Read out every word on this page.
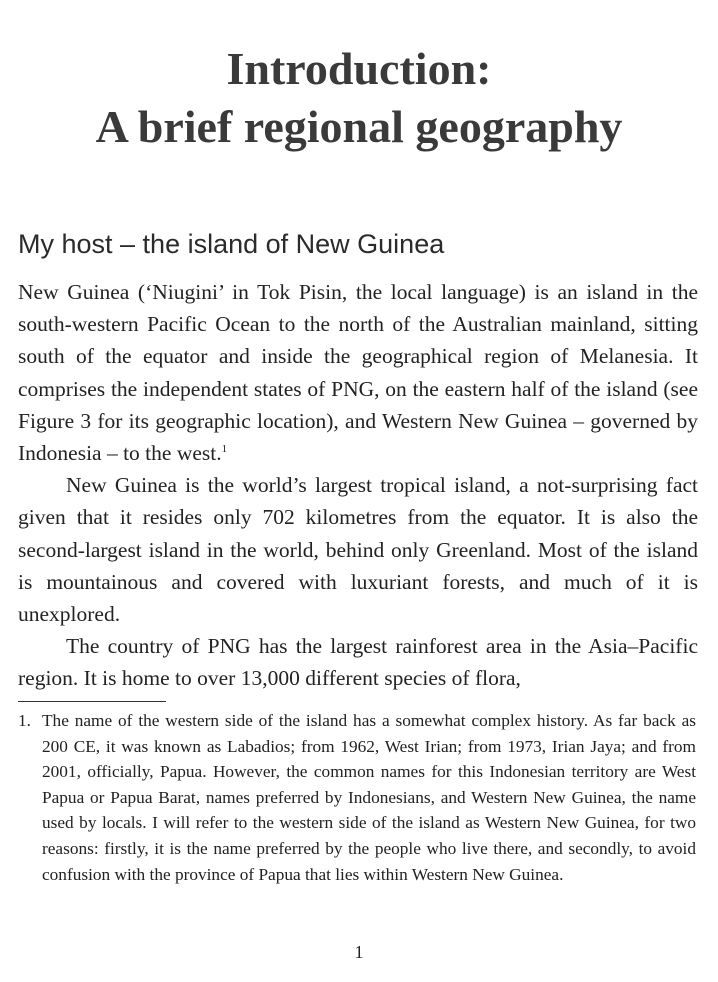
Introduction:
A brief regional geography
My host – the island of New Guinea

New Guinea (‘Niugini’ in Tok Pisin, the local language) is an island in the south-western Pacific Ocean to the north of the Australian mainland, sitting south of the equator and inside the geographical region of Melanesia. It comprises the independent states of PNG, on the eastern half of the island (see Figure 3 for its geographic location), and Western New Guinea – governed by Indonesia – to the west.$^1$

New Guinea is the world’s largest tropical island, a not-surprising fact given that it resides only 702 kilometres from the equator. It is also the second-largest island in the world, behind only Greenland. Most of the island is mountainous and covered with luxuriant forests, and much of it is unexplored.

The country of PNG has the largest rainforest area in the Asia–Pacific region. It is home to over 13,000 different species of flora,

1. The name of the western side of the island has a somewhat complex history. As far back as 200 CE, it was known as Labadios; from 1962, West Irian; from 1973, Irian Jaya; and from 2001, officially, Papua. However, the common names for this Indonesian territory are West Papua or Papua Barat, names preferred by Indonesians, and Western New Guinea, the name used by locals. I will refer to the western side of the island as Western New Guinea, for two reasons: firstly, it is the name preferred by the people who live there, and secondly, to avoid confusion with the province of Papua that lies within Western New Guinea.
1
